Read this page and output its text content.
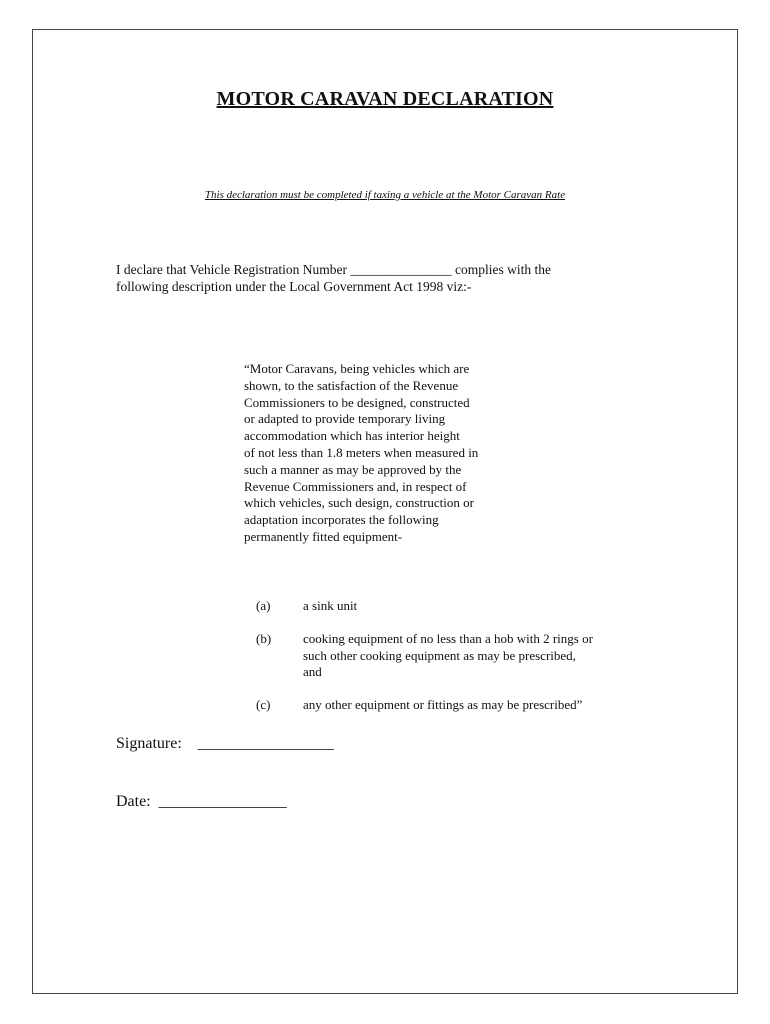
MOTOR CARAVAN DECLARATION
This declaration must be completed if taxing a vehicle at the Motor Caravan Rate

I declare that Vehicle Registration Number _______________ complies with the

following description under the Local Government Act 1998 viz:-

“Motor Caravans, being vehicles which are
shown, to the satisfaction of the Revenue
Commissioners to be designed, constructed
or adapted to provide temporary living
accommodation which has interior height
of not less than 1.8 meters when measured in
such a manner as may be approved by the
Revenue Commissioners and, in respect of
which vehicles, such design, construction or
adaptation incorporates the following
permanently fitted equipment-
(a)	a sink unit
(b)	cooking equipment of no less than a hob with 2 rings or
such other cooking equipment as may be prescribed,
and
(c)	any other equipment or fittings as may be prescribed”
Signature:    _________________
Date:  ________________
